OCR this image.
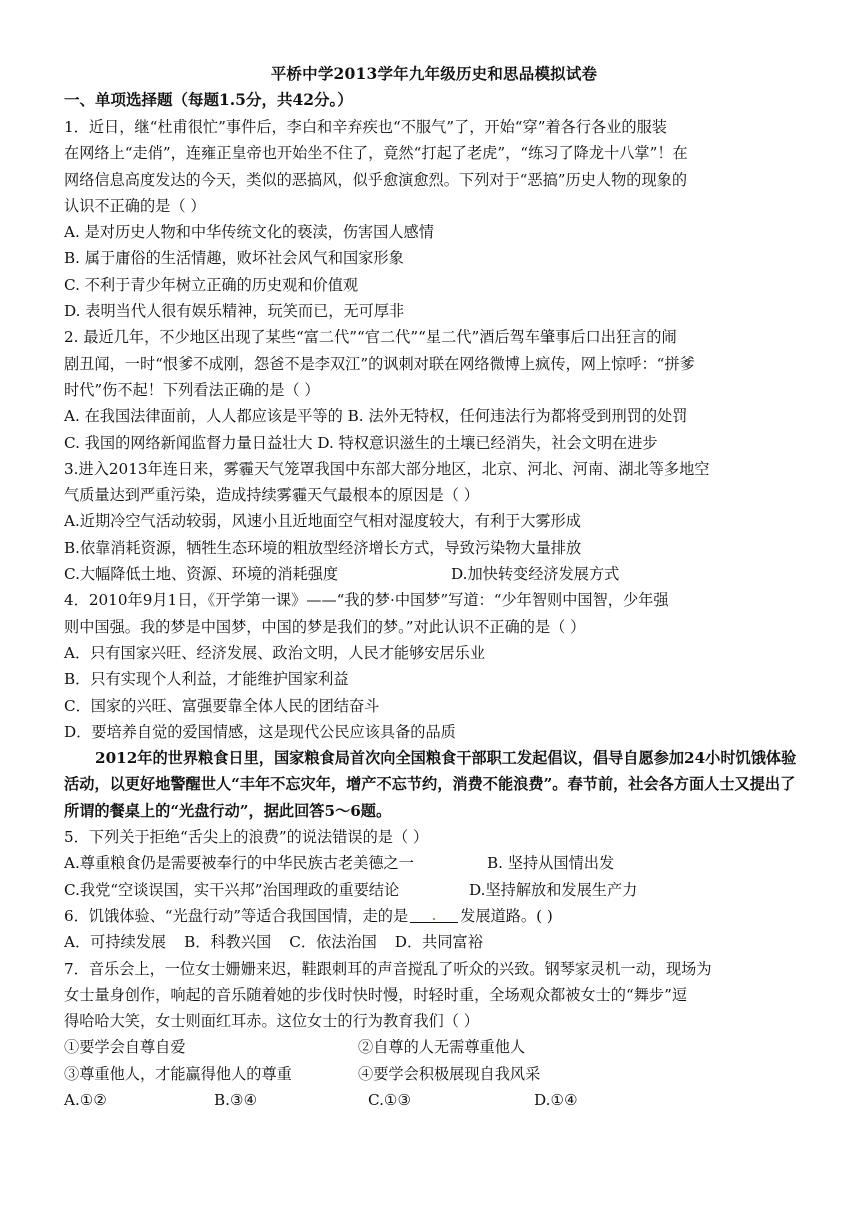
平桥中学2013学年九年级历史和思品模拟试卷
一、单项选择题（每题1.5分，共42分。）
1．近日，继“杜甫很忙”事件后，李白和辛弃疾也“不服气”了，开始“穿”着各行各业的服装
在网络上“走俏”，连雍正皇帝也开始坐不住了，竟然“打起了老虎”，“练习了降龙十八掌”！在
网络信息高度发达的今天，类似的恶搞风，似乎愈演愈烈。下列对于“恶搞”历史人物的现象的
认识不正确的是（ ）
A. 是对历史人物和中华传统文化的亵渎，伤害国人感情
B. 属于庸俗的生活情趣，败坏社会风气和国家形象
C. 不利于青少年树立正确的历史观和价值观
D. 表明当代人很有娱乐精神，玩笑而已，无可厚非
2. 最近几年，不少地区出现了某些“富二代”“官二代”“星二代”酒后驾车肇事后口出狂言的闹
剧丑闻，一时“恨爹不成刚，怨爸不是李双江”的讽刺对联在网络微博上疯传，网上惊呼：“拼爹
时代”伤不起！下列看法正确的是（ ）
A. 在我国法律面前，人人都应该是平等的 B. 法外无特权，任何违法行为都将受到刑罚的处罚
C. 我国的网络新闻监督力量日益壮大 D. 特权意识滋生的土壤已经消失，社会文明在进步
3.进入2013年连日来，雾霾天气笼罩我国中东部大部分地区，北京、河北、河南、湖北等多地空
气质量达到严重污染，造成持续雾霾天气最根本的原因是（ ）
A.近期冷空气活动较弱，风速小且近地面空气相对湿度较大，有利于大雾形成
B.依靠消耗资源，牺牲生态环境的粗放型经济增长方式，导致污染物大量排放
C.大幅降低土地、资源、环境的消耗强度	D.加快转变经济发展方式
4．2010年9月1日，《开学第一课》——“我的梦·中国梦”写道：“少年智则中国智，少年强
则中国强。我的梦是中国梦，中国的梦是我们的梦。”对此认识不正确的是（ ）
A．只有国家兴旺、经济发展、政治文明，人民才能够安居乐业
B．只有实现个人利益，才能维护国家利益
C．国家的兴旺、富强要靠全体人民的团结奋斗
D．要培养自觉的爱国情感，这是现代公民应该具备的品质
2012年的世界粮食日里，国家粮食局首次向全国粮食干部职工发起倡议，倡导自愿参加24小时饥饿体验活动，以更好地警醒世人“丰年不忘灾年，增产不忘节约，消费不能浪费”。春节前，社会各方面人士又提出了所谓的餐桌上的“光盘行动”，据此回答5～6题。
5．下列关于拒绝“舌尖上的浪费”的说法错误的是（ ）
A.尊重粮食仍是需要被奉行的中华民族古老美德之一	B. 坚持从国情出发
C.我党“空谈误国，实干兴邦”治国理政的重要结论	D.坚持解放和发展生产力
6．饥饿体验、“光盘行动”等适合我国国情，走的是	发展道路。( )
A．可持续发展 B．科教兴国 C．依法治国 D．共同富裕
7．音乐会上，一位女士姗姗来迟，鞋跟刺耳的声音搅乱了听众的兴致。钢琴家灵机一动，现场为
女士量身创作，响起的音乐随着她的步伐时快时慢，时轻时重，全场观众都被女士的“舞步”逗
得哈哈大笑，女士则面红耳赤。这位女士的行为教育我们（ ）
①要学会自尊自爱	②自尊的人无需尊重他人
③尊重他人，才能赢得他人的尊重	④要学会积极展现自我风采
A.①②	B.③④	C.①③	D.①④
